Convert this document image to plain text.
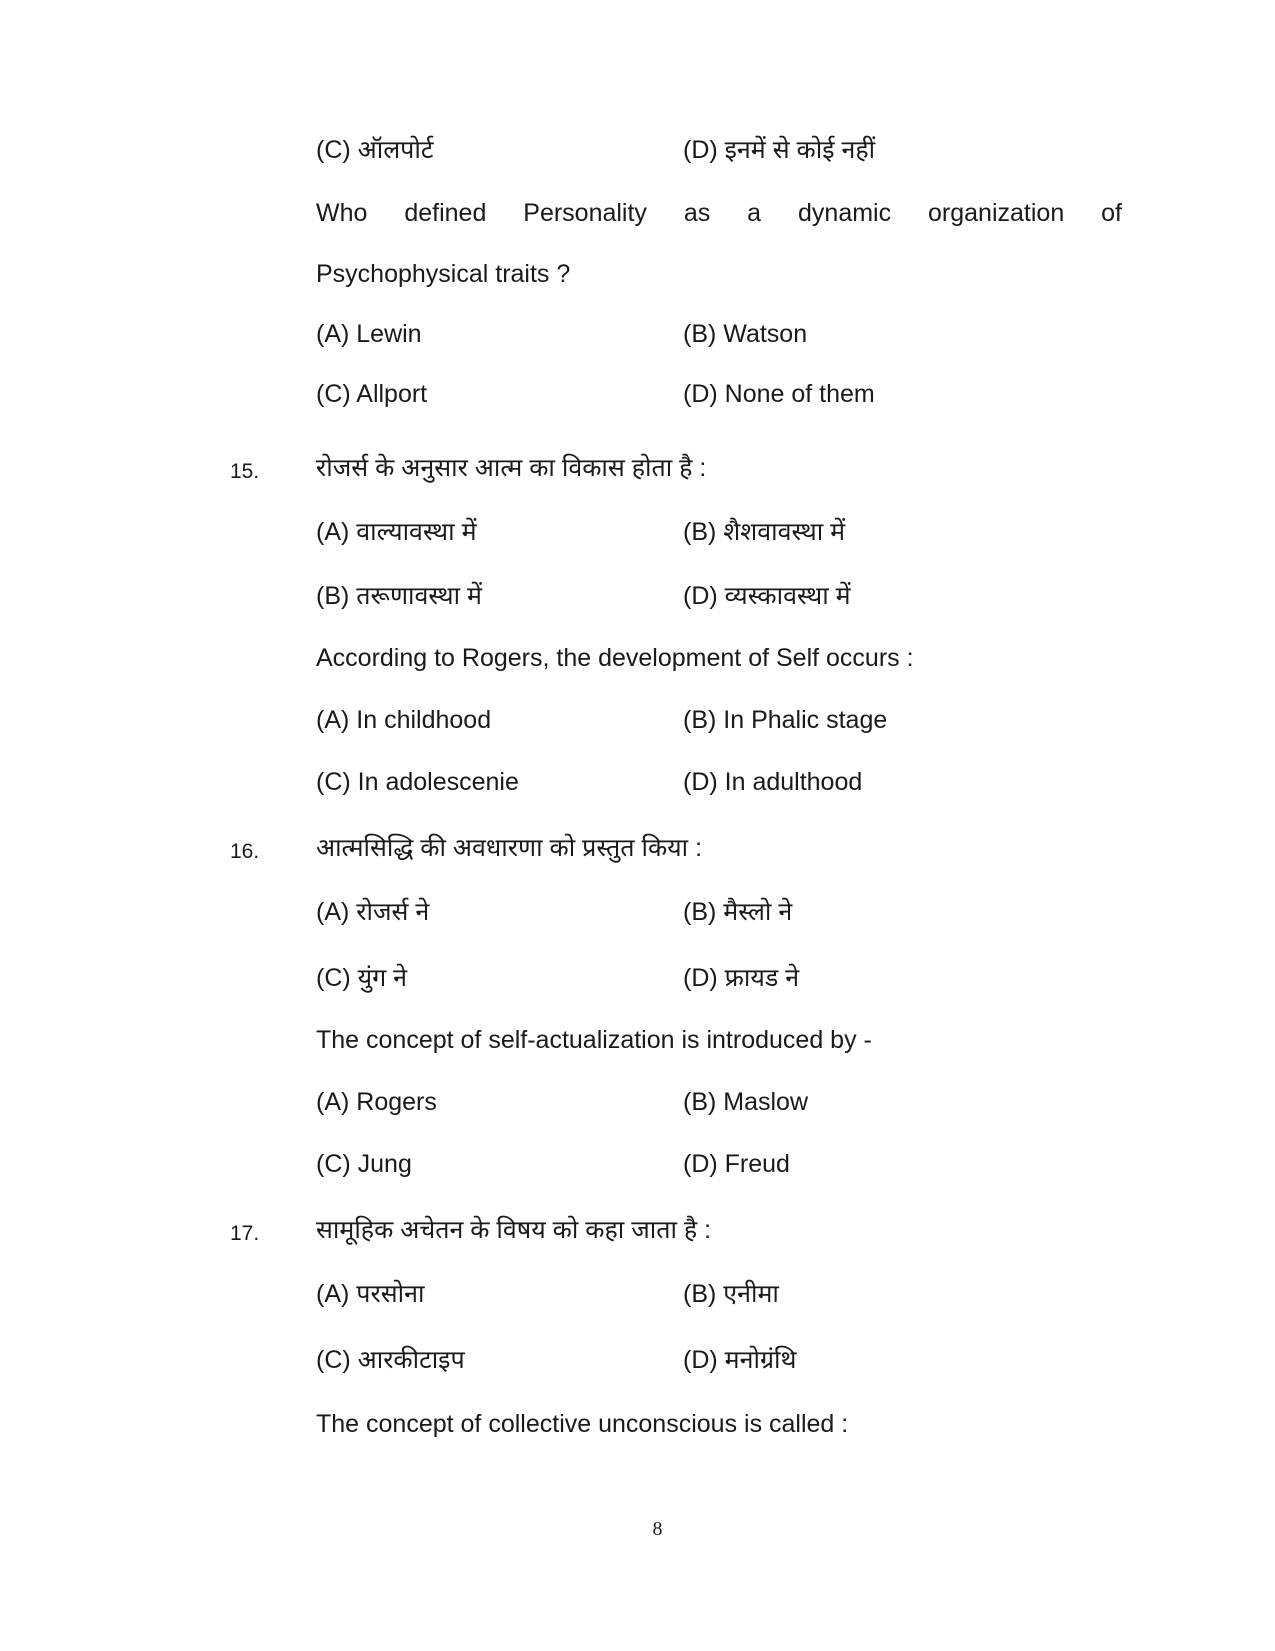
(C) ऑलपोर्ट	(D) इनमें से कोई नहीं
Who defined Personality as a dynamic organization of
Psychophysical traits ?
(A) Lewin	(B) Watson
(C) Allport	(D) None of them
15. रोजर्स के अनुसार आत्म का विकास होता है :
(A) वाल्यावस्था में	(B) शैशवावस्था में
(B) तरूणावस्था में	(D) व्यस्कावस्था में
According to Rogers, the development of Self occurs :
(A) In childhood	(B) In Phalic stage
(C) In adolescenie	(D) In adulthood
16. आत्मसिद्धि की अवधारणा को प्रस्तुत किया :
(A) रोजर्स ने	(B) मैस्लो ने
(C) युंग ने	(D) फ्रायड ने
The concept of self-actualization is introduced by -
(A) Rogers	(B) Maslow
(C) Jung	(D) Freud
17. सामूहिक अचेतन के विषय को कहा जाता है :
(A) परसोना	(B) एनीमा
(C) आरकीटाइप	(D) मनोग्रंथि
The concept of collective unconscious is called :
8
